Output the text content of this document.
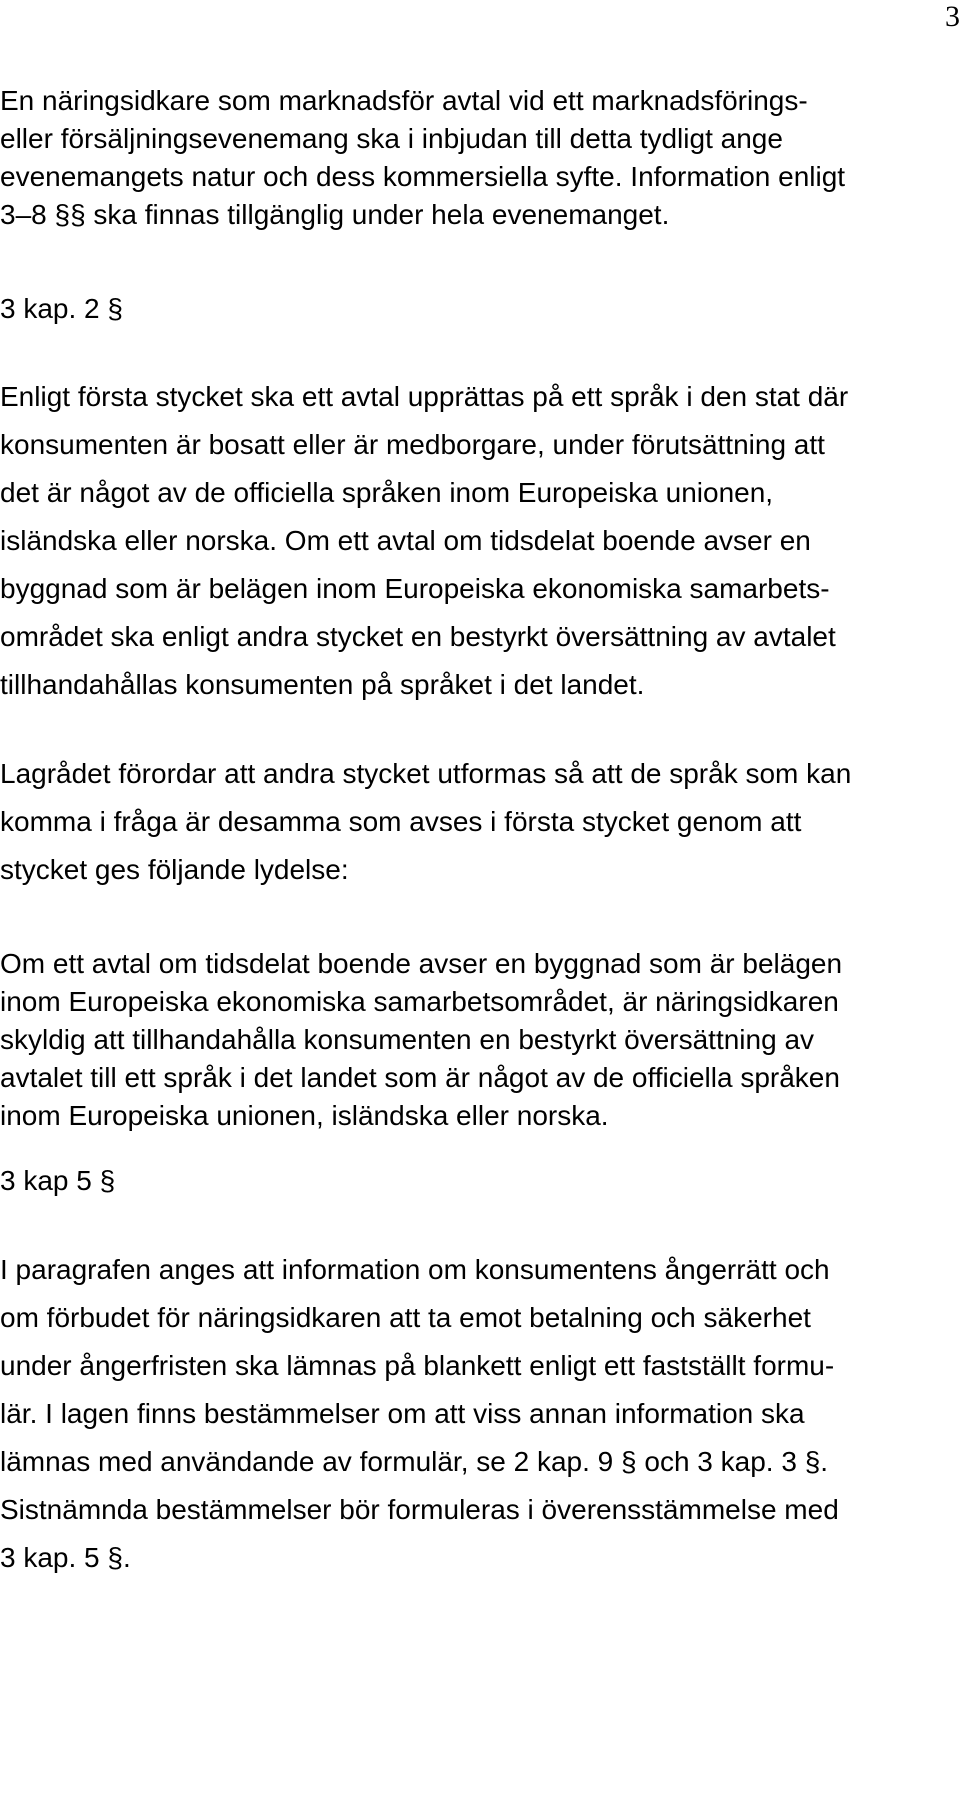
3
En näringsidkare som marknadsför avtal vid ett marknadsförings-
eller försäljningsevenemang ska i inbjudan till detta tydligt ange
evenemangets natur och dess kommersiella syfte. Information enligt
3–8 §§ ska finnas tillgänglig under hela evenemanget.
3 kap. 2 §
Enligt första stycket ska ett avtal upprättas på ett språk i den stat där
konsumenten är bosatt eller är medborgare, under förutsättning att
det är något av de officiella språken inom Europeiska unionen,
isländska eller norska. Om ett avtal om tidsdelat boende avser en
byggnad som är belägen inom Europeiska ekonomiska samarbets-
området ska enligt andra stycket en bestyrkt översättning av avtalet
tillhandahållas konsumenten på språket i det landet.
Lagrådet förordar att andra stycket utformas så att de språk som kan
komma i fråga är desamma som avses i första stycket genom att
stycket ges följande lydelse:
Om ett avtal om tidsdelat boende avser en byggnad som är belägen
inom Europeiska ekonomiska samarbetsområdet, är näringsidkaren
skyldig att tillhandahålla konsumenten en bestyrkt översättning av
avtalet till ett språk i det landet som är något av de officiella språken
inom Europeiska unionen, isländska eller norska.
3 kap 5 §
I paragrafen anges att information om konsumentens ångerrätt och
om förbudet för näringsidkaren att ta emot betalning och säkerhet
under ångerfristen ska lämnas på blankett enligt ett fastställt formu-
lär. I lagen finns bestämmelser om att viss annan information ska
lämnas med användande av formulär, se 2 kap. 9 § och 3 kap. 3 §.
Sistnämnda bestämmelser bör formuleras i överensstämmelse med
3 kap. 5 §.
